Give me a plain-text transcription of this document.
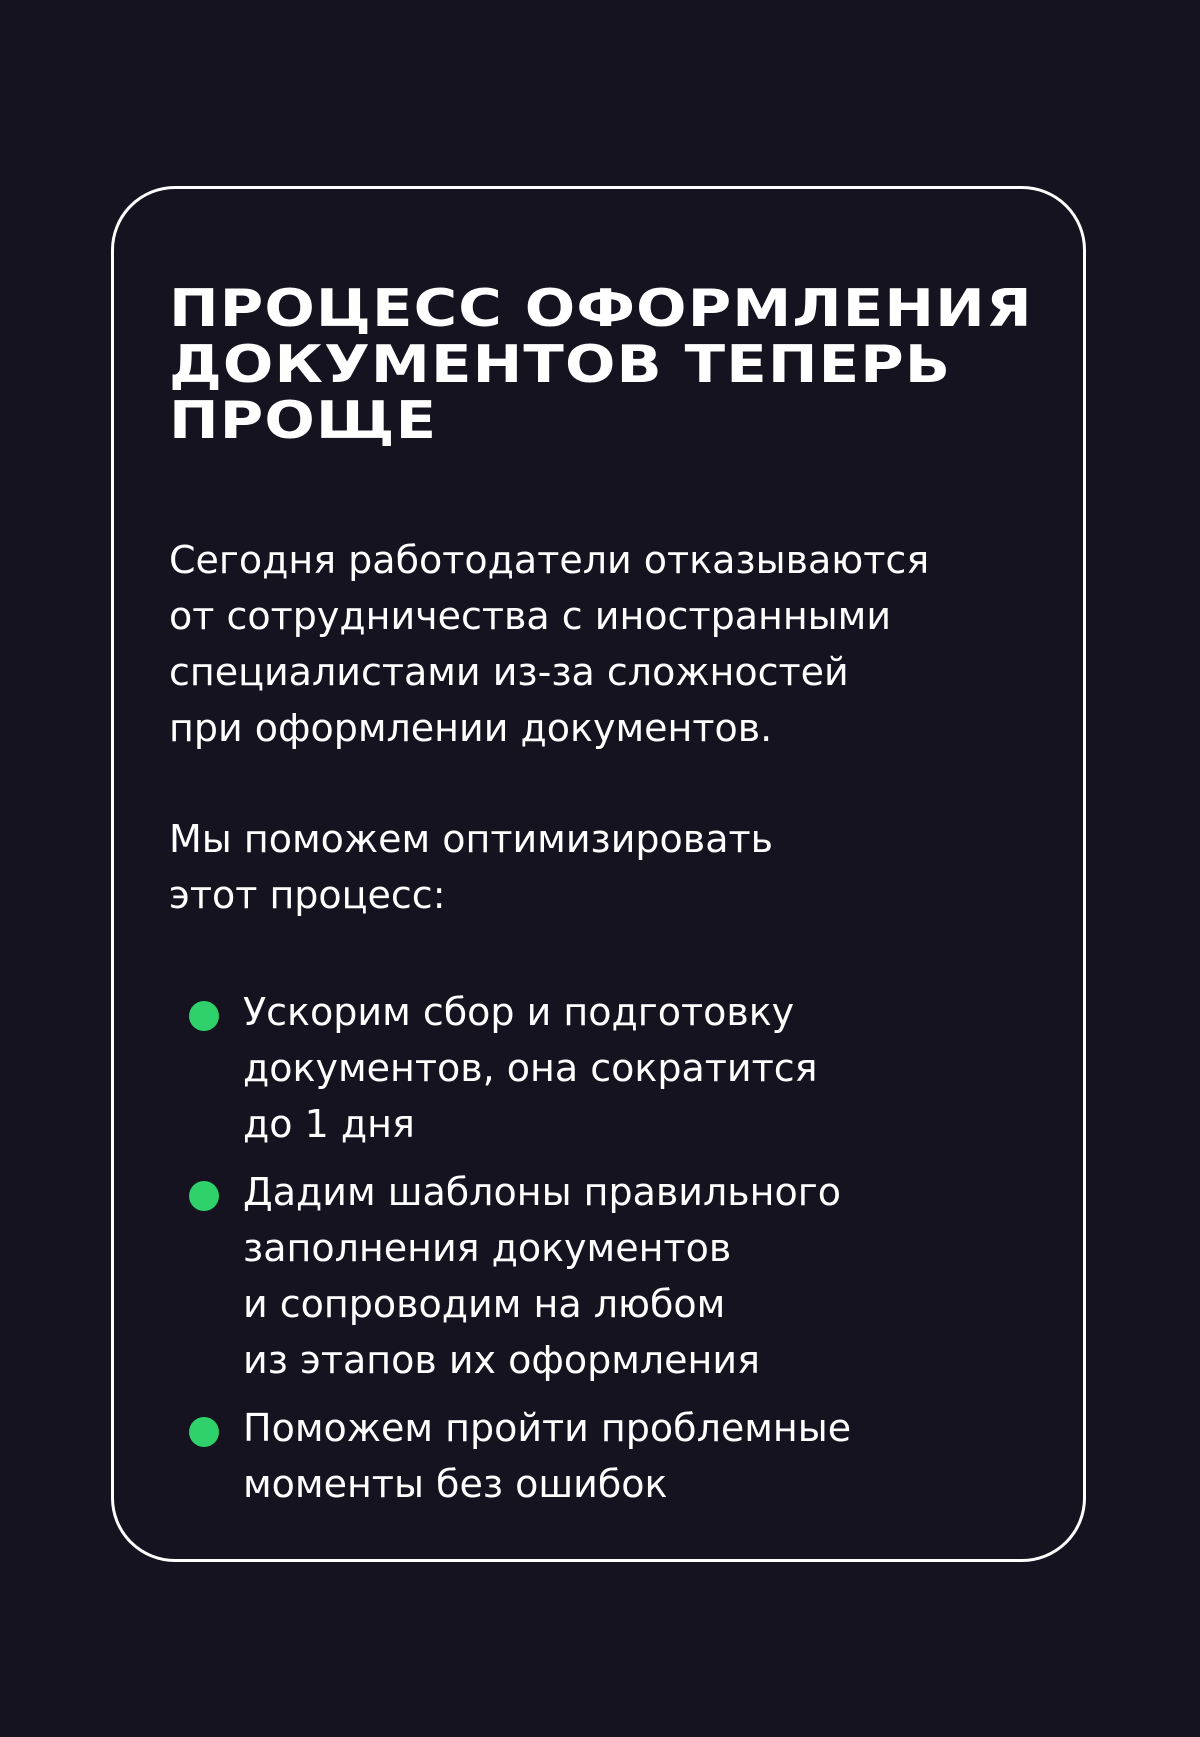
ПРОЦЕСС ОФОРМЛЕНИЯ
ДОКУМЕНТОВ ТЕПЕРЬ
ПРОЩЕ
Сегодня работодатели отказываются
от сотрудничества с иностранными
специалистами из-за сложностей
при оформлении документов.
Мы поможем оптимизировать
этот процесс:
Ускорим сбор и подготовку
документов, она сократится
до 1 дня
Дадим шаблоны правильного
заполнения документов
и сопроводим на любом
из этапов их оформления
Поможем пройти проблемные
моменты без ошибок
